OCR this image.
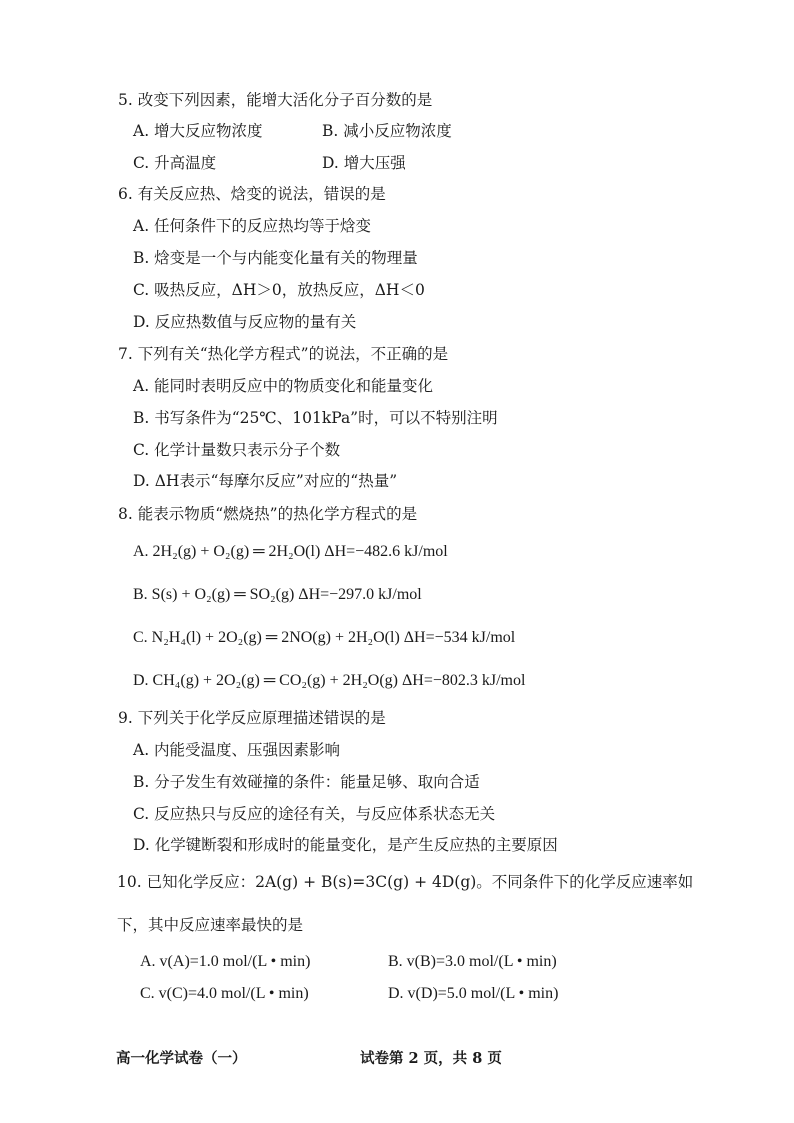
5. 改变下列因素，能增大活化分子百分数的是
A. 增大反应物浓度	B. 减小反应物浓度
C. 升高温度	D. 增大压强
6. 有关反应热、焓变的说法，错误的是
A. 任何条件下的反应热均等于焓变
B. 焓变是一个与内能变化量有关的物理量
C. 吸热反应，ΔH＞0，放热反应，ΔH＜0
D. 反应热数值与反应物的量有关
7. 下列有关“热化学方程式”的说法，不正确的是
A. 能同时表明反应中的物质变化和能量变化
B. 书写条件为“25℃、101kPa”时，可以不特别注明
C. 化学计量数只表示分子个数
D. ΔH表示“每摩尔反应”对应的“热量”
8. 能表示物质“燃烧热”的热化学方程式的是
A. 2H₂(g) + O₂(g) ═ 2H₂O(l) ΔH=−482.6 kJ/mol
B. S(s) + O₂(g) ═ SO₂(g) ΔH=−297.0 kJ/mol
C. N₂H₄(l) + 2O₂(g) ═ 2NO(g) + 2H₂O(l) ΔH=−534 kJ/mol
D. CH₄(g) + 2O₂(g) ═ CO₂(g) + 2H₂O(g) ΔH=−802.3 kJ/mol
9. 下列关于化学反应原理描述错误的是
A. 内能受温度、压强因素影响
B. 分子发生有效碰撞的条件：能量足够、取向合适
C. 反应热只与反应的途径有关，与反应体系状态无关
D. 化学键断裂和形成时的能量变化，是产生反应热的主要原因
10. 已知化学反应：2A(g) + B(s)=3C(g) + 4D(g)。不同条件下的化学反应速率如
下，其中反应速率最快的是
A. v(A)=1.0 mol/(L • min)	B. v(B)=3.0 mol/(L • min)
C. v(C)=4.0 mol/(L • min)	D. v(D)=5.0 mol/(L • min)
高一化学试卷（一）	试卷第 2 页，共 8 页
